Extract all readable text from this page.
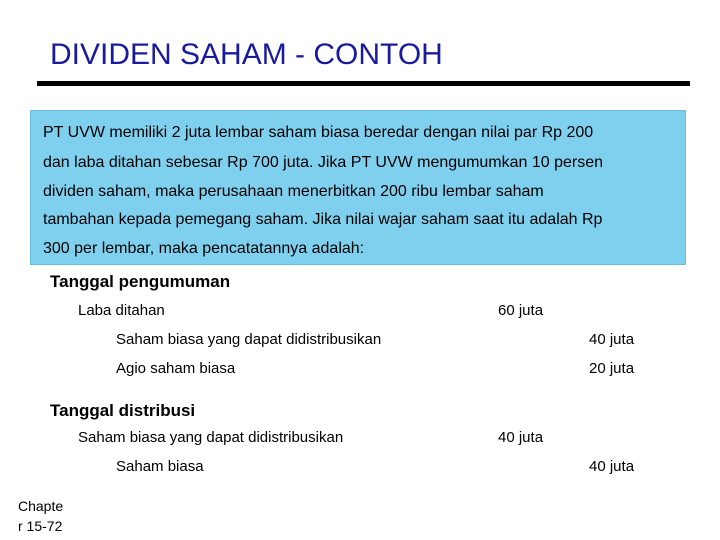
DIVIDEN SAHAM - CONTOH
PT UVW memiliki 2 juta lembar saham biasa beredar dengan nilai par Rp 200
dan laba ditahan sebesar Rp 700 juta. Jika PT UVW mengumumkan 10 persen
dividen saham, maka perusahaan menerbitkan 200 ribu lembar saham
tambahan kepada pemegang saham. Jika nilai wajar saham saat itu adalah Rp
300 per lembar, maka pencatatannya adalah:
Tanggal pengumuman
Laba ditahan	60 juta
Saham biasa yang dapat didistribusikan	40 juta
Agio saham biasa	20 juta
Tanggal distribusi
Saham biasa yang dapat didistribusikan	40 juta
Saham biasa	40 juta
Chapte
r 15-72
